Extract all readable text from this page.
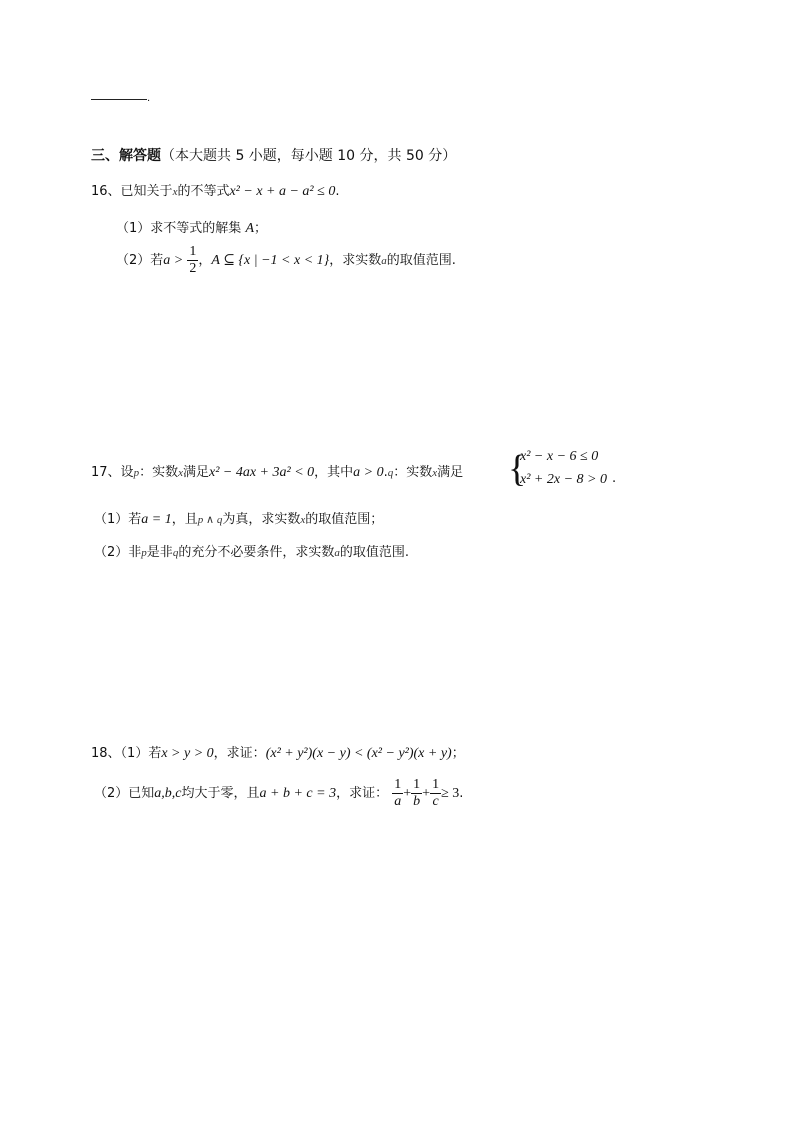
.
三、解答题（本大题共 5 小题，每小题 10 分，共 50 分）
16、已知关于x的不等式x² − x + a − a² ≤ 0.
（1）求不等式的解集 A；
（2）若$a > \frac{1}{2}$ ，A ⊆ {x | −1 < x < 1}，求实数a的取值范围.
17、设p：实数x满足x² − 4ax + 3a² < 0，其中a > 0.q：实数x满足 {
x² − x − 6 ≤ 0
x² + 2x − 8 > 0 .
（1）若a = 1，且p ∧ q为真，求实数x的取值范围；
（2）非p是非q的充分不必要条件，求实数a的取值范围.
18、（1）若x > y > 0，求证：(x² + y²)(x − y) < (x² − y²)(x + y)；
（2）已知a,b,c均大于零，且a + b + c = 3，求证： $\frac{1}{a} + \frac{1}{b} + \frac{1}{c} \ge 3$.
